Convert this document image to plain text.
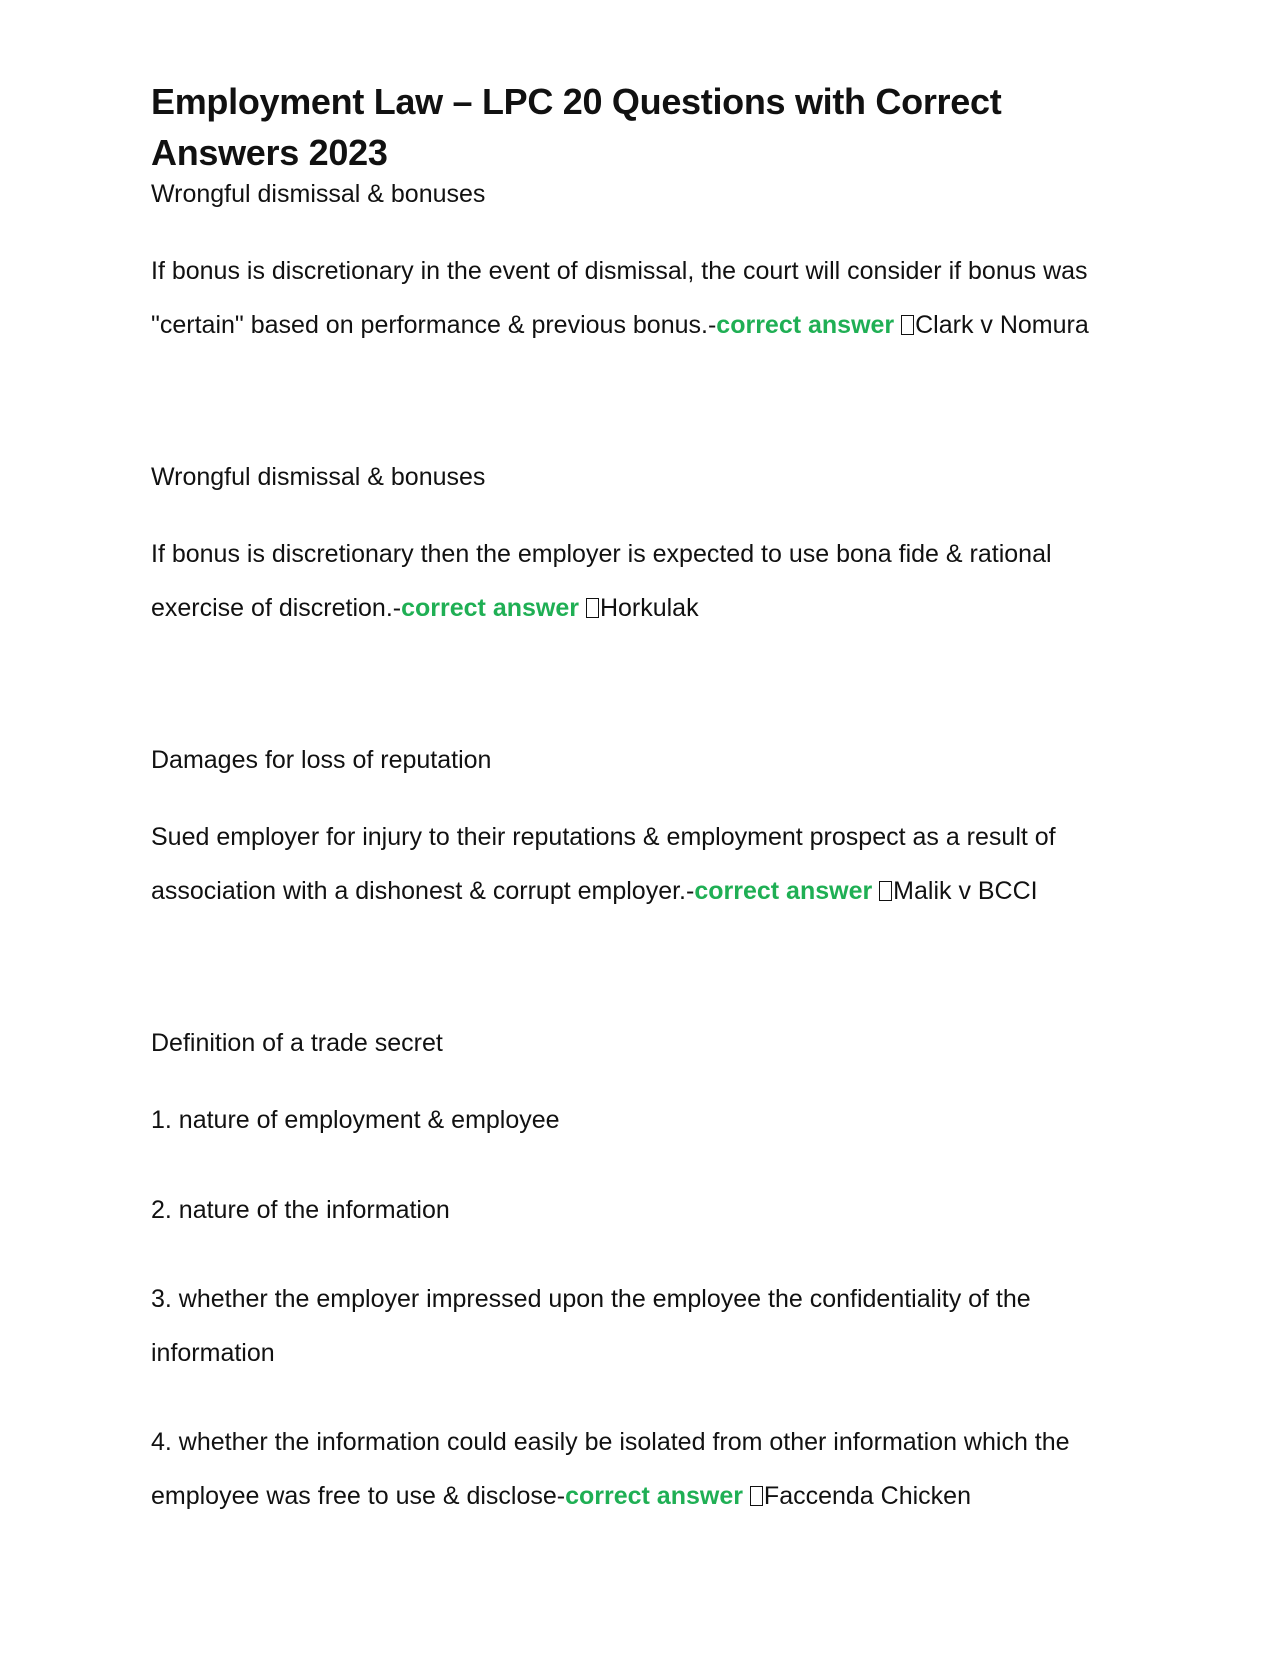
Employment Law – LPC 20 Questions with Correct Answers 2023

Wrongful dismissal & bonuses

If bonus is discretionary in the event of dismissal, the court will consider if bonus was "certain" based on performance & previous bonus.-correct answer Clark v Nomura

Wrongful dismissal & bonuses

If bonus is discretionary then the employer is expected to use bona fide & rational exercise of discretion.-correct answer Horkulak

Damages for loss of reputation

Sued employer for injury to their reputations & employment prospect as a result of association with a dishonest & corrupt employer.-correct answer Malik v BCCI

Definition of a trade secret

1. nature of employment & employee

2. nature of the information

3. whether the employer impressed upon the employee the confidentiality of the information

4. whether the information could easily be isolated from other information which the employee was free to use & disclose-correct answer Faccenda Chicken
